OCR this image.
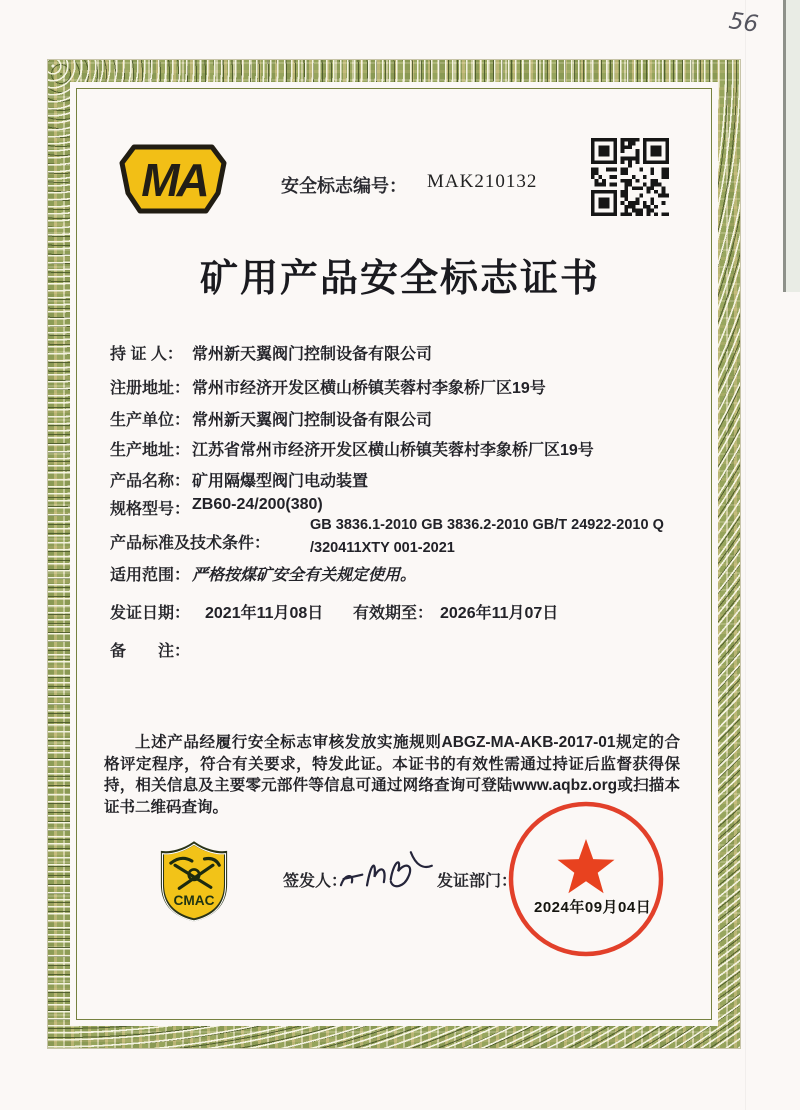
56
MA	安全标志编号： MAK210132
矿用产品安全标志证书
持 证 人： 常州新天翼阀门控制设备有限公司
注册地址： 常州市经济开发区横山桥镇芙蓉村李象桥厂区19号
生产单位： 常州新天翼阀门控制设备有限公司
生产地址： 江苏省常州市经济开发区横山桥镇芙蓉村李象桥厂区19号
产品名称： 矿用隔爆型阀门电动装置
规格型号： ZB60-24/200(380)
产品标准及技术条件：
GB 3836.1-2010 GB 3836.2-2010 GB/T 24922-2010 Q
/320411XTY 001-2021
适用范围： 严格按煤矿安全有关规定使用。
发证日期： 2021年11月08日 有效期至： 2026年11月07日
备　　注：

上述产品经履行安全标志审核发放实施规则ABGZ-MA-AKB-2017-01规定的合格评定程序，符合有关要求，特发此证。本证书的有效性需通过持证后监督获得保持，相关信息及主要零元部件等信息可通过网络查询可登陆www.aqbz.org或扫描本证书二维码查询。

CMAC
签发人：	发证部门：
2024年09月04日
